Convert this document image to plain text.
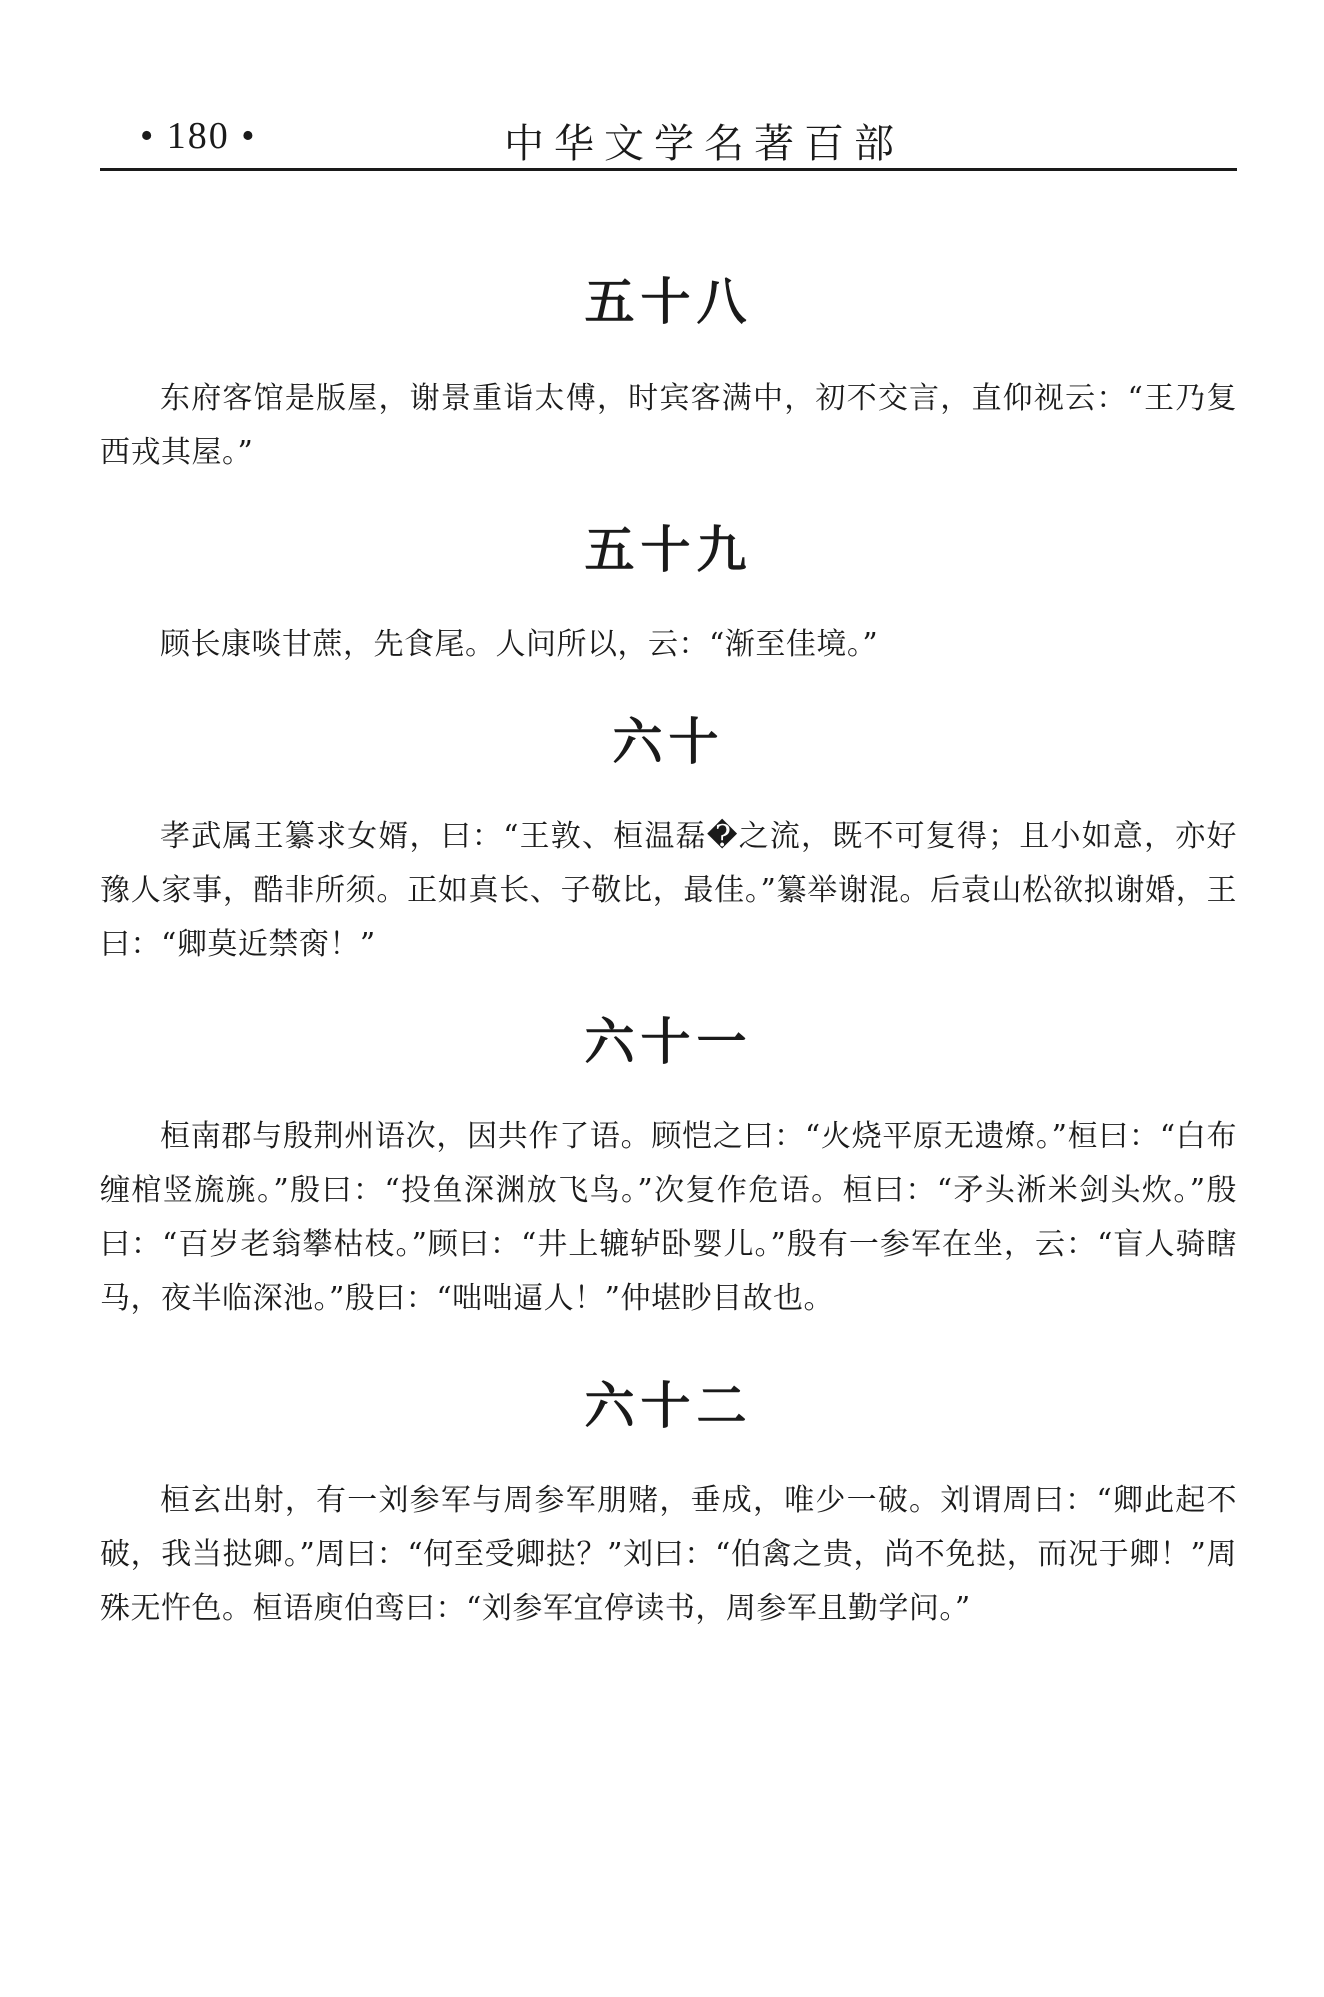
• 180 •	中华文学名著百部
五十八

东府客馆是版屋，谢景重诣太傅，时宾客满中，初不交言，直仰视云：“王乃复西戎其屋。”

五十九

顾长康啖甘蔗，先食尾。人问所以，云：“渐至佳境。”

六十

孝武属王纂求女婿，曰：“王敦、桓温磊�之流，既不可复得；且小如意，亦好豫人家事，酷非所须。正如真长、子敬比，最佳。”纂举谢混。后袁山松欲拟谢婚，王曰：“卿莫近禁脔！”

六十一

桓南郡与殷荆州语次，因共作了语。顾恺之曰：“火烧平原无遗燎。”桓曰：“白布缠棺竖旒旐。”殷曰：“投鱼深渊放飞鸟。”次复作危语。桓曰：“矛头淅米剑头炊。”殷曰：“百岁老翁攀枯枝。”顾曰：“井上辘轳卧婴儿。”殷有一参军在坐，云：“盲人骑瞎马，夜半临深池。”殷曰：“咄咄逼人！”仲堪眇目故也。

六十二

桓玄出射，有一刘参军与周参军朋赌，垂成，唯少一破。刘谓周曰：“卿此起不破，我当挞卿。”周曰：“何至受卿挞？”刘曰：“伯禽之贵，尚不免挞，而况于卿！”周殊无忤色。桓语庾伯鸾曰：“刘参军宜停读书，周参军且勤学问。”
